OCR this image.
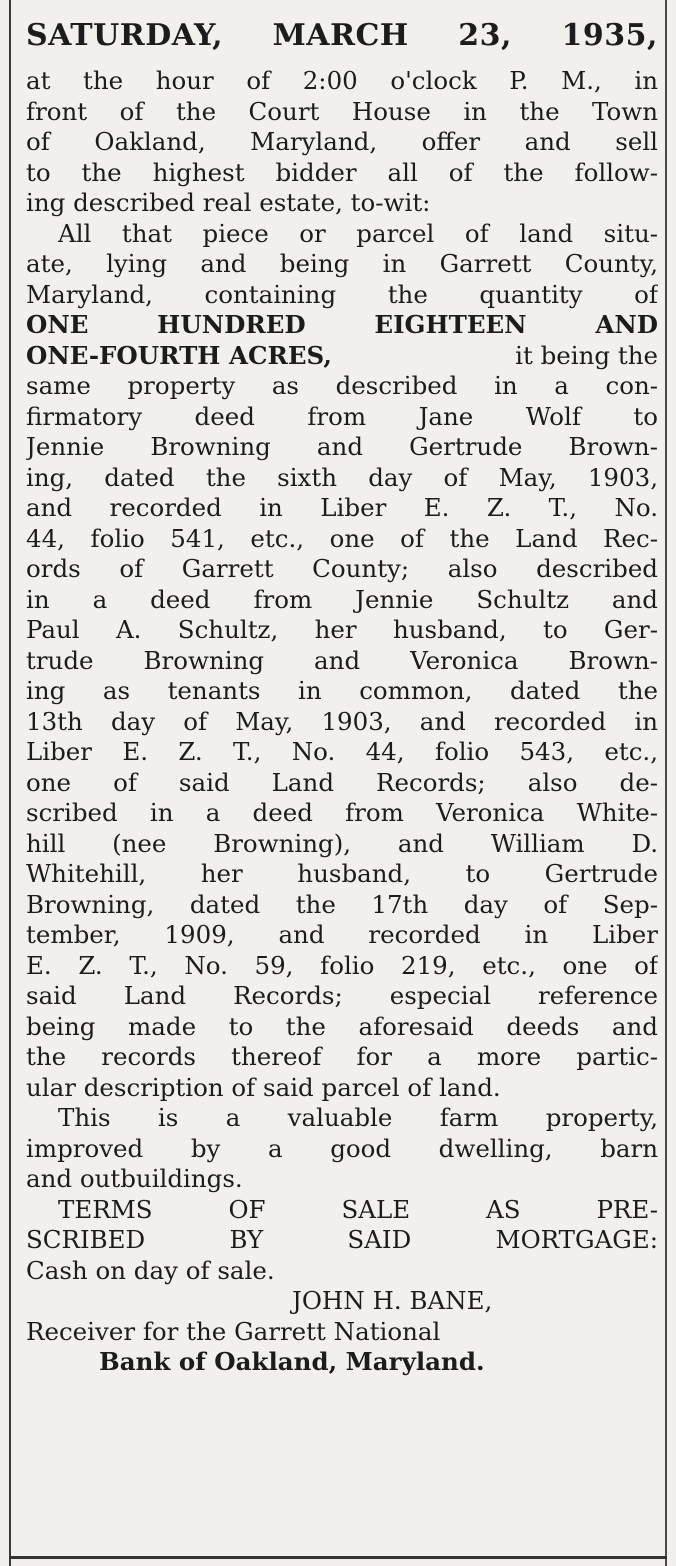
SATURDAY, MARCH 23, 1935,
at the hour of 2:00 o'clock P. M., in
front of the Court House in the Town
of Oakland, Maryland, offer and sell
to the highest bidder all of the follow-
ing described real estate, to-wit:
All that piece or parcel of land situ-
ate, lying and being in Garrett County,
Maryland, containing the quantity of
ONE HUNDRED EIGHTEEN AND
ONE-FOURTH ACRES,	it being the
same property as described in a con-
firmatory deed from Jane Wolf to
Jennie Browning and Gertrude Brown-
ing, dated the sixth day of May, 1903,
and recorded in Liber E. Z. T., No.
44, folio 541, etc., one of the Land Rec-
ords of Garrett County; also described
in a deed from Jennie Schultz and
Paul A. Schultz, her husband, to Ger-
trude Browning and Veronica Brown-
ing as tenants in common, dated the
13th day of May, 1903, and recorded in
Liber E. Z. T., No. 44, folio 543, etc.,
one of said Land Records; also de-
scribed in a deed from Veronica White-
hill (nee Browning), and William D.
Whitehill, her husband, to Gertrude
Browning, dated the 17th day of Sep-
tember, 1909, and recorded in Liber
E. Z. T., No. 59, folio 219, etc., one of
said Land Records; especial reference
being made to the aforesaid deeds and
the records thereof for a more partic-
ular description of said parcel of land.
This is a valuable farm property,
improved by a good dwelling, barn
and outbuildings.
TERMS OF SALE AS PRE-
SCRIBED BY SAID MORTGAGE:
Cash on day of sale.
JOHN H. BANE,
Receiver for the Garrett National
Bank of Oakland, Maryland.
